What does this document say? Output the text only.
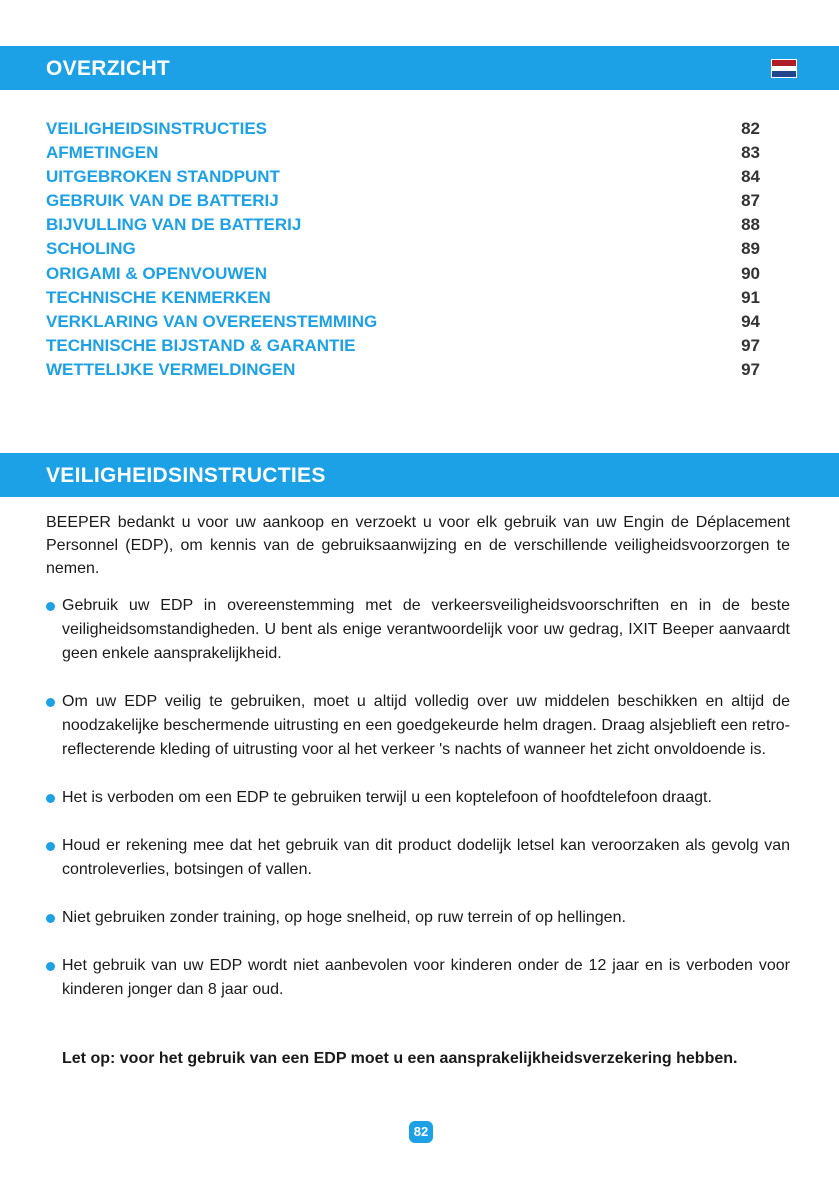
OVERZICHT
VEILIGHEIDSINSTRUCTIES	82
AFMETINGEN	83
UITGEBROKEN STANDPUNT	84
GEBRUIK VAN DE BATTERIJ	87
BIJVULLING VAN DE BATTERIJ	88
SCHOLING	89
ORIGAMI & OPENVOUWEN	90
TECHNISCHE KENMERKEN	91
VERKLARING VAN OVEREENSTEMMING	94
TECHNISCHE BIJSTAND & GARANTIE	97
WETTELIJKE VERMELDINGEN	97
VEILIGHEIDSINSTRUCTIES

BEEPER bedankt u voor uw aankoop en verzoekt u voor elk gebruik van uw Engin de Déplacement Personnel (EDP), om kennis van de gebruiksaanwijzing en de verschillende veiligheidsvoorzorgen te nemen.

Gebruik uw EDP in overeenstemming met de verkeersveiligheidsvoorschriften en in de beste veiligheidsomstandigheden. U bent als enige verantwoordelijk voor uw gedrag, IXIT Beeper aanvaardt geen enkele aansprakelijkheid.
Om uw EDP veilig te gebruiken, moet u altijd volledig over uw middelen beschikken en altijd de noodzakelijke beschermende uitrusting en een goedgekeurde helm dragen. Draag alsjeblieft een retro-reflecterende kleding of uitrusting voor al het verkeer 's nachts of wanneer het zicht onvoldoende is.
Het is verboden om een EDP te gebruiken terwijl u een koptelefoon of hoofdtelefoon draagt.
Houd er rekening mee dat het gebruik van dit product dodelijk letsel kan veroorzaken als gevolg van controleverlies, botsingen of vallen.
Niet gebruiken zonder training, op hoge snelheid, op ruw terrein of op hellingen.
Het gebruik van uw EDP wordt niet aanbevolen voor kinderen onder de 12 jaar en is verboden voor kinderen jonger dan 8 jaar oud.

Let op: voor het gebruik van een EDP moet u een aansprakelijkheidsverzekering hebben.

82
